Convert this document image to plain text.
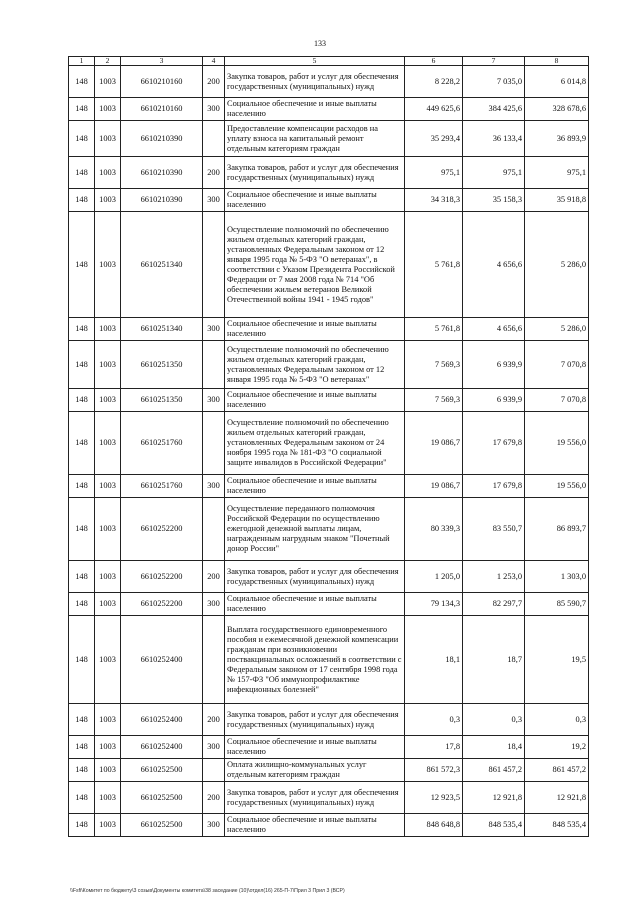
133
1	2	3	4	5	6	7	8
148	1003	6610210160	200	Закупка товаров, работ и услуг для обеспечения государственных (муниципальных) нужд	8 228,2	7 035,0	6 014,8
148	1003	6610210160	300	Социальное обеспечение и иные выплаты населению	449 625,6	384 425,6	328 678,6
148	1003	6610210390		Предоставление компенсации расходов на уплату взноса на капитальный ремонт отдельным категориям граждан	35 293,4	36 133,4	36 893,9
148	1003	6610210390	200	Закупка товаров, работ и услуг для обеспечения государственных (муниципальных) нужд	975,1	975,1	975,1
148	1003	6610210390	300	Социальное обеспечение и иные выплаты населению	34 318,3	35 158,3	35 918,8
148	1003	6610251340		Осуществление полномочий по обеспечению жильем отдельных категорий граждан, установленных Федеральным законом от 12 января 1995 года № 5-ФЗ "О ветеранах", в соответствии с Указом Президента Российской Федерации от 7 мая 2008 года № 714 "Об обеспечении жильем ветеранов Великой Отечественной войны 1941 - 1945 годов"	5 761,8	4 656,6	5 286,0
148	1003	6610251340	300	Социальное обеспечение и иные выплаты населению	5 761,8	4 656,6	5 286,0
148	1003	6610251350		Осуществление полномочий по обеспечению жильем отдельных категорий граждан, установленных Федеральным законом от 12 января 1995 года № 5-ФЗ "О ветеранах"	7 569,3	6 939,9	7 070,8
148	1003	6610251350	300	Социальное обеспечение и иные выплаты населению	7 569,3	6 939,9	7 070,8
148	1003	6610251760		Осуществление полномочий по обеспечению жильем отдельных категорий граждан, установленных Федеральным законом от 24 ноября 1995 года № 181-ФЗ "О социальной защите инвалидов в Российской Федерации"	19 086,7	17 679,8	19 556,0
148	1003	6610251760	300	Социальное обеспечение и иные выплаты населению	19 086,7	17 679,8	19 556,0
148	1003	6610252200		Осуществление переданного полномочия Российской Федерации по осуществлению ежегодной денежной выплаты лицам, награжденным нагрудным знаком "Почетный донор России"	80 339,3	83 550,7	86 893,7
148	1003	6610252200	200	Закупка товаров, работ и услуг для обеспечения государственных (муниципальных) нужд	1 205,0	1 253,0	1 303,0
148	1003	6610252200	300	Социальное обеспечение и иные выплаты населению	79 134,3	82 297,7	85 590,7
148	1003	6610252400		Выплата государственного единовременного пособия и ежемесячной денежной компенсации гражданам при возникновении поствакцинальных осложнений в соответствии с Федеральным законом от 17 сентября 1998 года № 157-ФЗ "Об иммунопрофилактике инфекционных болезней"	18,1	18,7	19,5
148	1003	6610252400	200	Закупка товаров, работ и услуг для обеспечения государственных (муниципальных) нужд	0,3	0,3	0,3
148	1003	6610252400	300	Социальное обеспечение и иные выплаты населению	17,8	18,4	19,2
148	1003	6610252500		Оплата жилищно-коммунальных услуг отдельным категориям граждан	861 572,3	861 457,2	861 457,2
148	1003	6610252500	200	Закупка товаров, работ и услуг для обеспечения государственных (муниципальных) нужд	12 923,5	12 921,8	12 921,8
148	1003	6610252500	300	Социальное обеспечение и иные выплаты населению	848 648,8	848 535,4	848 535,4
\\Fsfi\Комитет по бюджету\3 созыв\Документы комитета\38 заседание (10)\отдел(16) 265-П-7\Прил 3 Прил 3 (ВСР)
